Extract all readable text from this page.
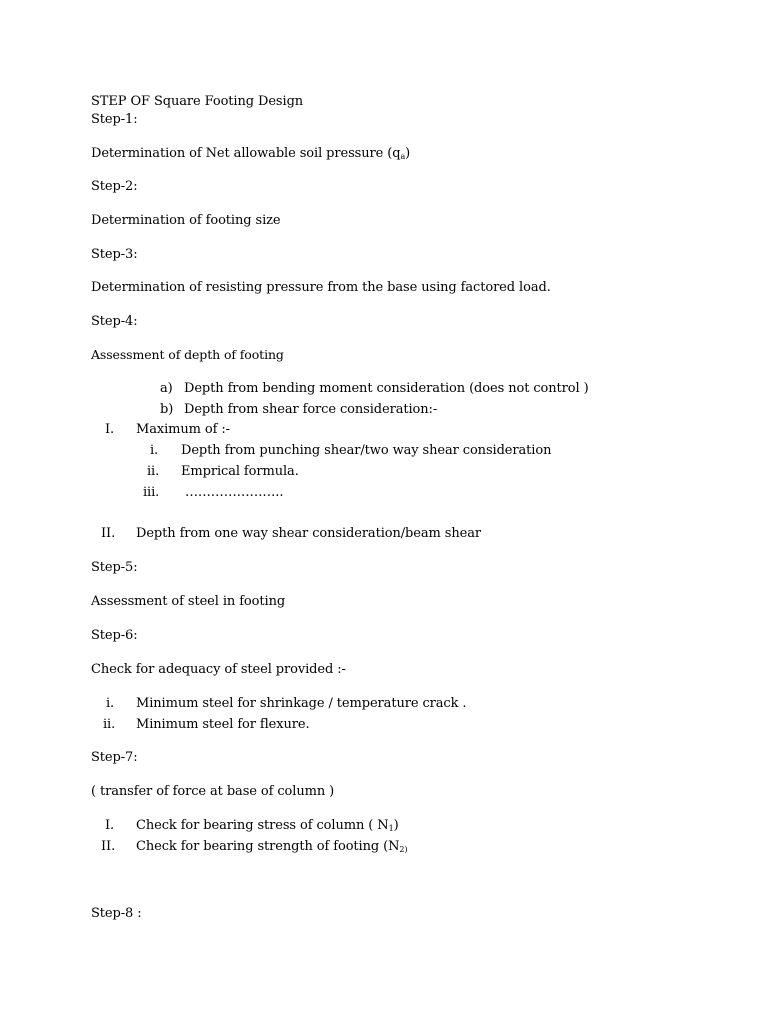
STEP OF Square Footing Design
Step-1:
Determination of Net allowable soil pressure $(q_a)$
Step-2:
Determination of footing size
Step-3:
Determination of resisting pressure from the base using factored load.
Step-4:
Assessment of depth of footing
a) Depth from bending moment consideration (does not control )
b) Depth from shear force consideration:-
I. Maximum of :-
i. Depth from punching shear/two way shear consideration
ii. Emprical formula.
iii. …………………..
II. Depth from one way shear consideration/beam shear
Step-5:
Assessment of steel in footing
Step-6:
Check for adequacy of steel provided :-
i. Minimum steel for shrinkage / temperature crack .
ii. Minimum steel for flexure.
Step-7:
( transfer of force at base of column )
I. Check for bearing stress of column ( $N_1$)
II. Check for bearing strength of footing ($N_{2)}$
Step-8 :
